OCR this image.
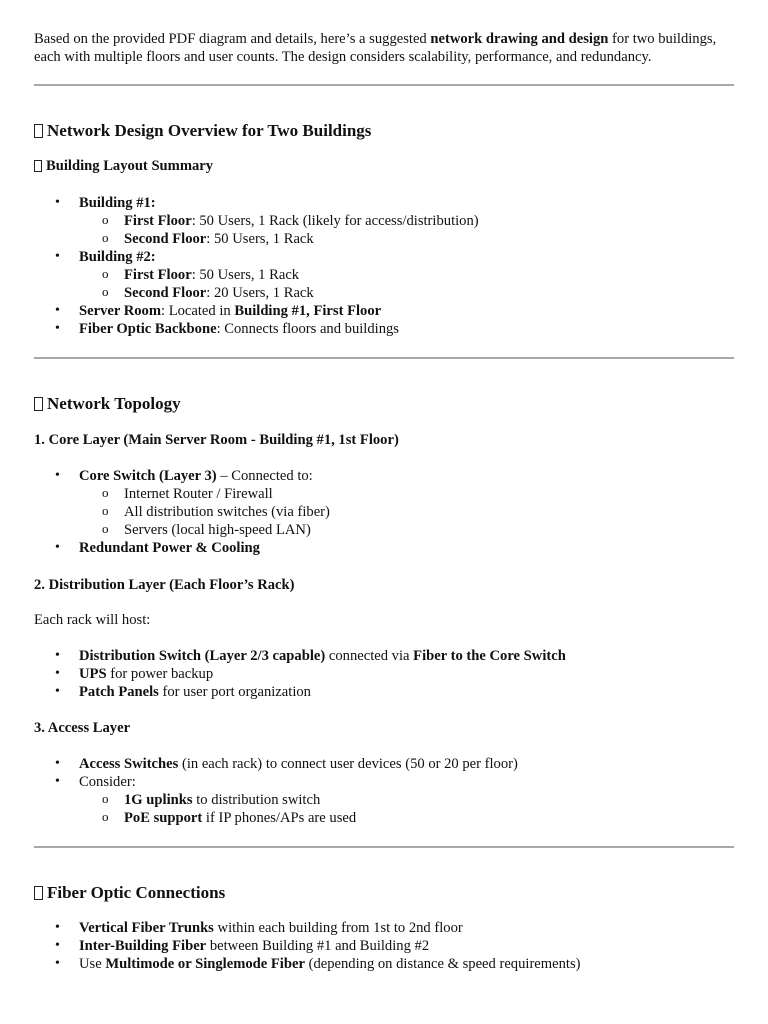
Based on the provided PDF diagram and details, here’s a suggested network drawing and design for two buildings, each with multiple floors and user counts. The design considers scalability, performance, and redundancy.

Network Design Overview for Two Buildings
Building Layout Summary
• Building #1:
o First Floor: 50 Users, 1 Rack (likely for access/distribution)
o Second Floor: 50 Users, 1 Rack
• Building #2:
o First Floor: 50 Users, 1 Rack
o Second Floor: 20 Users, 1 Rack
• Server Room: Located in Building #1, First Floor
• Fiber Optic Backbone: Connects floors and buildings
Network Topology
1. Core Layer (Main Server Room - Building #1, 1st Floor)
• Core Switch (Layer 3) – Connected to:
o Internet Router / Firewall
o All distribution switches (via fiber)
o Servers (local high-speed LAN)
• Redundant Power & Cooling
2. Distribution Layer (Each Floor’s Rack)

Each rack will host:

• Distribution Switch (Layer 2/3 capable) connected via Fiber to the Core Switch
• UPS for power backup
• Patch Panels for user port organization
3. Access Layer
• Access Switches (in each rack) to connect user devices (50 or 20 per floor)
• Consider:
o 1G uplinks to distribution switch
o PoE support if IP phones/APs are used
Fiber Optic Connections
• Vertical Fiber Trunks within each building from 1st to 2nd floor
• Inter-Building Fiber between Building #1 and Building #2
• Use Multimode or Singlemode Fiber (depending on distance & speed requirements)
